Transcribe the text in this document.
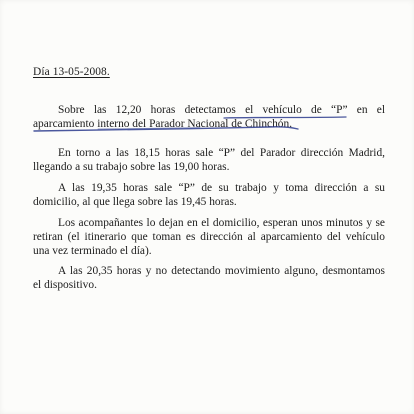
Día 13-05-2008.

Sobre las 12,20 horas detectamos el vehículo de “P” en el
aparcamiento interno del Parador Nacional de Chinchón.

En torno a las 18,15 horas sale “P” del Parador dirección Madrid,
llegando a su trabajo sobre las 19,00 horas.

A las 19,35 horas sale “P” de su trabajo y toma dirección a su
domicilio, al que llega sobre las 19,45 horas.

Los acompañantes lo dejan en el domicilio, esperan unos minutos y se
retiran (el itinerario que toman es dirección al aparcamiento del vehículo
una vez terminado el día).

A las 20,35 horas y no detectando movimiento alguno, desmontamos
el dispositivo.
